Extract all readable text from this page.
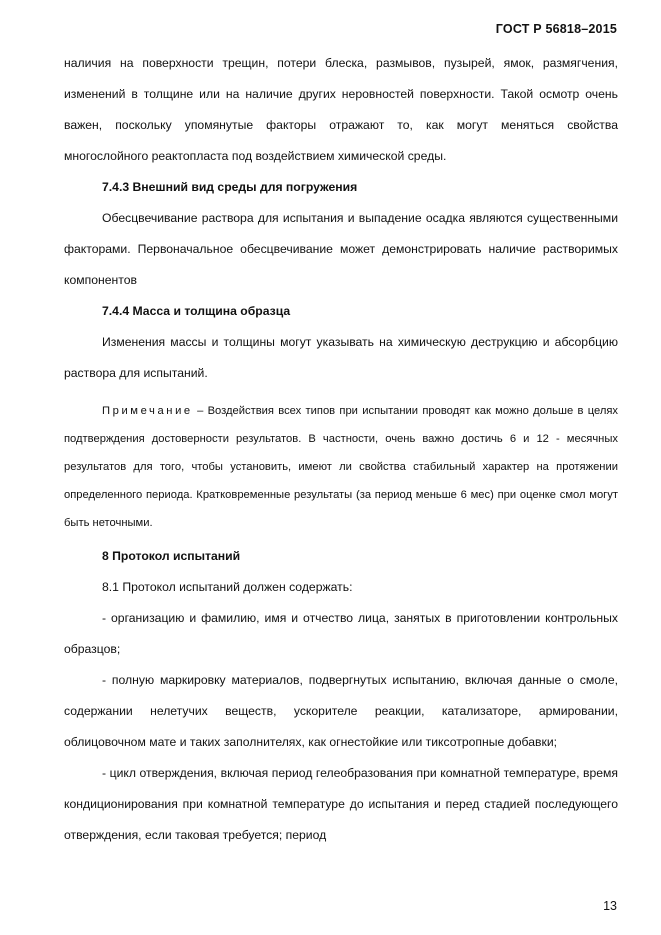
ГОСТ Р 56818–2015

наличия на поверхности трещин, потери блеска, размывов, пузырей, ямок, размягчения, изменений в толщине или на наличие других неровностей поверхности. Такой осмотр очень важен, поскольку упомянутые факторы отражают то, как могут меняться свойства многослойного реактопласта под воздействием химической среды.

7.4.3 Внешний вид среды для погружения

Обесцвечивание раствора для испытания и выпадение осадка являются существенными факторами. Первоначальное обесцвечивание может демонстрировать наличие растворимых компонентов

7.4.4 Масса и толщина образца

Изменения массы и толщины могут указывать на химическую деструкцию и абсорбцию раствора для испытаний.

Примечание – Воздействия всех типов при испытании проводят как можно дольше в целях подтверждения достоверности результатов. В частности, очень важно достичь 6 и 12 - месячных результатов для того, чтобы установить, имеют ли свойства стабильный характер на протяжении определенного периода. Кратковременные результаты (за период меньше 6 мес) при оценке смол могут быть неточными.

8 Протокол испытаний

8.1 Протокол испытаний должен содержать:

- организацию и фамилию, имя и отчество лица, занятых в приготовлении контрольных образцов;

- полную маркировку материалов, подвергнутых испытанию, включая данные о смоле, содержании нелетучих веществ, ускорителе реакции, катализаторе, армировании, облицовочном мате и таких заполнителях, как огнестойкие или тиксотропные добавки;

- цикл отверждения, включая период гелеобразования при комнатной температуре, время кондиционирования при комнатной температуре до испытания и перед стадией последующего отверждения, если таковая требуется; период

13
